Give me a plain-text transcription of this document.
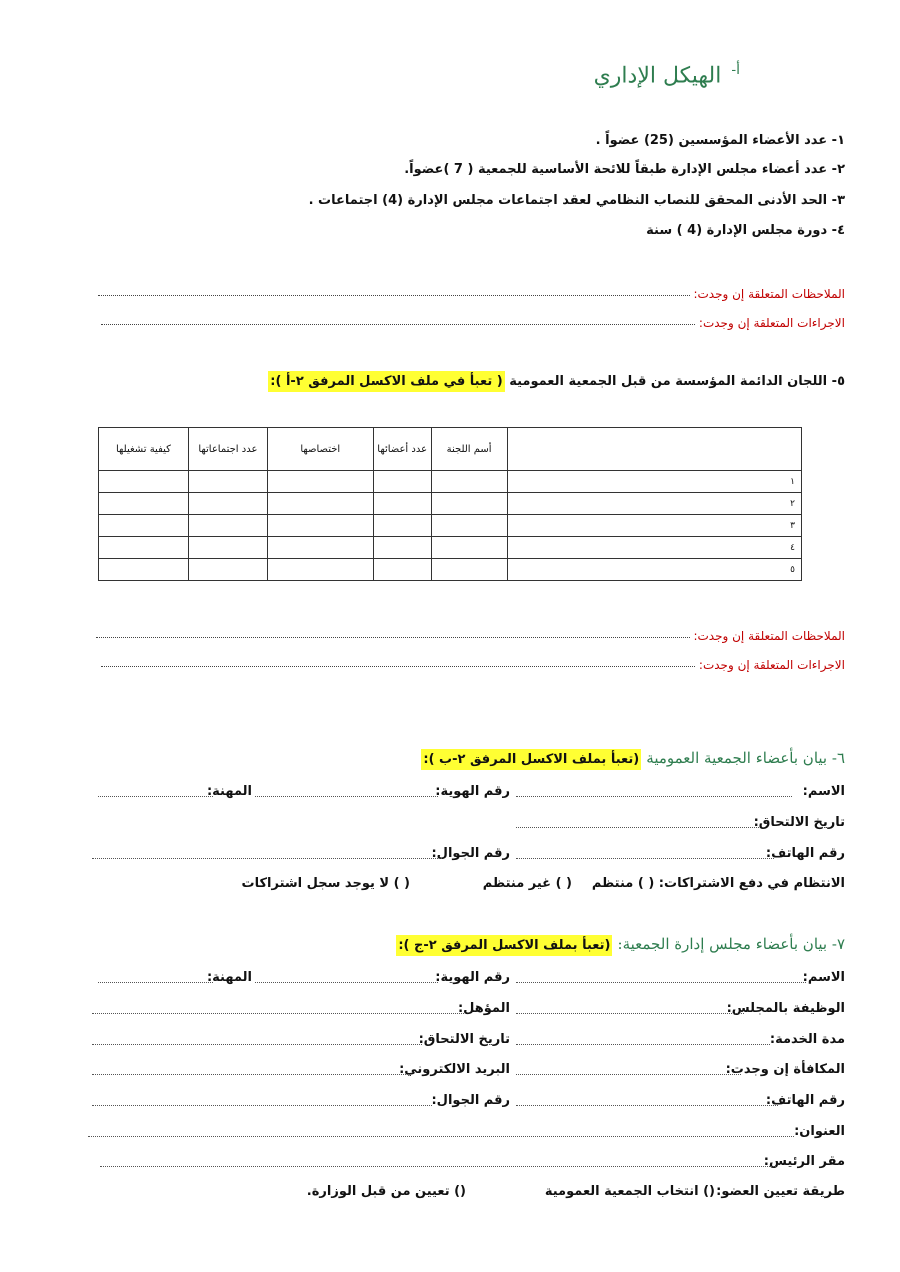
$^{أ-}$الهيكل الإداري
١- عدد الأعضاء المؤسسين (25) عضواً .
٢- عدد أعضاء مجلس الإدارة طبقاً للائحة الأساسية للجمعية ( 7 )عضواً.
٣- الحد الأدنى المحقق للنصاب النظامي لعقد اجتماعات مجلس الإدارة (4) اجتماعات .
٤- دورة مجلس الإدارة (4 ) سنة
الملاحظات المتعلقة إن وجدت:
الاجراءات المتعلقة إن وجدت:
٥- اللجان الدائمة المؤسسة من قبل الجمعية العمومية ( تعبأ في ملف الاكسل المرفق ٢-أ ):
	أسم اللجنة	عدد أعضائها	اختصاصها	عدد اجتماعاتها	كيفية تشغيلها
١					
٢					
٣					
٤					
٥					
الملاحظات المتعلقة إن وجدت:
الاجراءات المتعلقة إن وجدت:
٦- بيان بأعضاء الجمعية العمومية (تعبأ بملف الاكسل المرفق ٢-ب ):
الاسم:
رقم الهوية:
المهنة:
تاريخ الالتحاق:
رقم الهاتف:
رقم الجوال:
الانتظام في دفع الاشتراكات: ( ) منتظم
( ) غير منتظم
( ) لا يوجد سجل اشتراكات
٧- بيان بأعضاء مجلس إدارة الجمعية: (تعبأ بملف الاكسل المرفق ٢-ج ):
الاسم:
رقم الهوية:
المهنة:
الوظيفة بالمجلس:
المؤهل:
مدة الخدمة:
تاريخ الالتحاق:
المكافأة إن وجدت:
البريد الالكتروني:
رقم الهاتف:
رقم الجوال:
العنوان:
مقر الرئيس:
طريقة تعيين العضو:
() انتخاب الجمعية العمومية
() تعيين من قبل الوزارة.
